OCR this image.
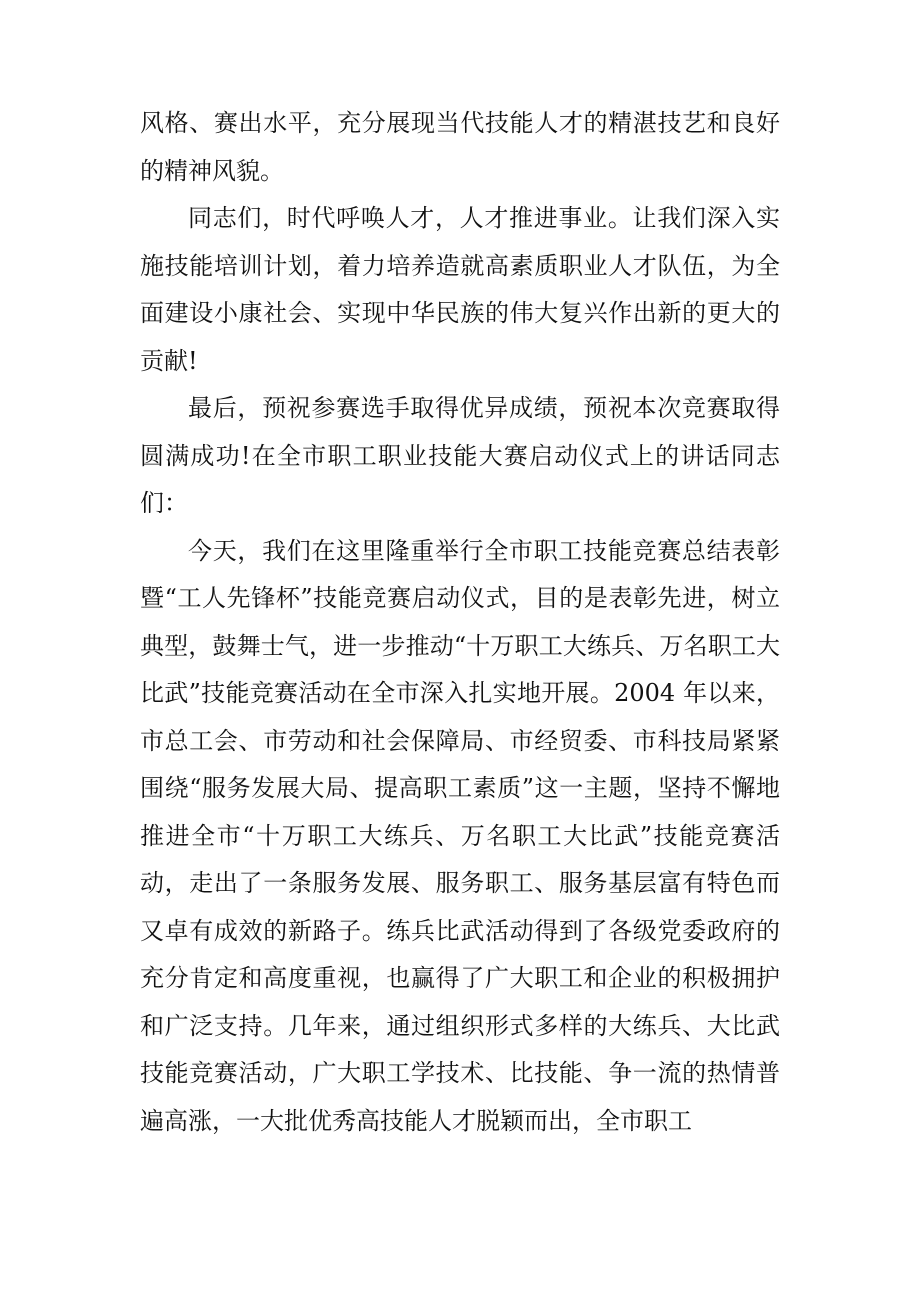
风格、赛出水平，充分展现当代技能人才的精湛技艺和良好的精神风貌。

同志们，时代呼唤人才，人才推进事业。让我们深入实施技能培训计划，着力培养造就高素质职业人才队伍，为全面建设小康社会、实现中华民族的伟大复兴作出新的更大的贡献!

最后，预祝参赛选手取得优异成绩，预祝本次竞赛取得圆满成功!在全市职工职业技能大赛启动仪式上的讲话同志们：

今天，我们在这里隆重举行全市职工技能竞赛总结表彰暨“工人先锋杯”技能竞赛启动仪式，目的是表彰先进，树立典型，鼓舞士气，进一步推动“十万职工大练兵、万名职工大比武”技能竞赛活动在全市深入扎实地开展。2004 年以来，市总工会、市劳动和社会保障局、市经贸委、市科技局紧紧围绕“服务发展大局、提高职工素质”这一主题，坚持不懈地推进全市“十万职工大练兵、万名职工大比武”技能竞赛活动，走出了一条服务发展、服务职工、服务基层富有特色而又卓有成效的新路子。练兵比武活动得到了各级党委政府的充分肯定和高度重视，也赢得了广大职工和企业的积极拥护和广泛支持。几年来，通过组织形式多样的大练兵、大比武技能竞赛活动，广大职工学技术、比技能、争一流的热情普遍高涨，一大批优秀高技能人才脱颖而出，全市职工
